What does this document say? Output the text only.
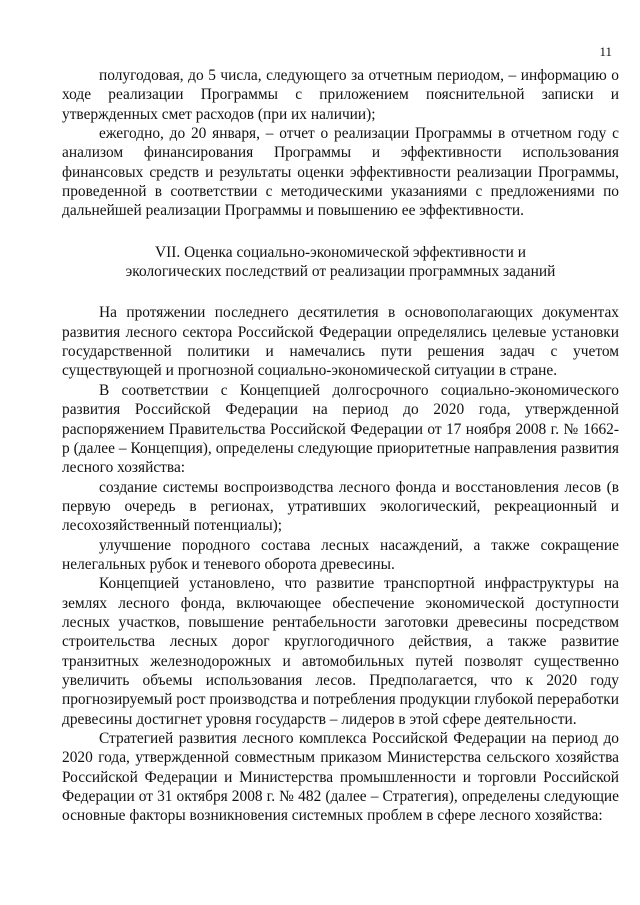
11

полугодовая, до 5 числа, следующего за отчетным периодом, – информацию о ходе реализации Программы с приложением пояснительной записки и утвержденных смет расходов (при их наличии);

ежегодно, до 20 января, – отчет о реализации Программы в отчетном году с анализом финансирования Программы и эффективности использования финансовых средств и результаты оценки эффективности реализации Программы, проведенной в соответствии с методическими указаниями с предложениями по дальнейшей реализации Программы и повышению ее эффективности.

VII. Оценка социально-экономической эффективности и
экологических последствий от реализации программных заданий

На протяжении последнего десятилетия в основополагающих документах развития лесного сектора Российской Федерации определялись целевые установки государственной политики и намечались пути решения задач с учетом существующей и прогнозной социально-экономической ситуации в стране.

В соответствии с Концепцией долгосрочного социально-экономического развития Российской Федерации на период до 2020 года, утвержденной распоряжением Правительства Российской Федерации от 17 ноября 2008 г. № 1662-р (далее – Концепция), определены следующие приоритетные направления развития лесного хозяйства:

создание системы воспроизводства лесного фонда и восстановления лесов (в первую очередь в регионах, утративших экологический, рекреационный и лесохозяйственный потенциалы);

улучшение породного состава лесных насаждений, а также сокращение нелегальных рубок и теневого оборота древесины.

Концепцией установлено, что развитие транспортной инфраструктуры на землях лесного фонда, включающее обеспечение экономической доступности лесных участков, повышение рентабельности заготовки древесины посредством строительства лесных дорог круглогодичного действия, а также развитие транзитных железнодорожных и автомобильных путей позволят существенно увеличить объемы использования лесов. Предполагается, что к 2020 году прогнозируемый рост производства и потребления продукции глубокой переработки древесины достигнет уровня государств – лидеров в этой сфере деятельности.

Стратегией развития лесного комплекса Российской Федерации на период до 2020 года, утвержденной совместным приказом Министерства сельского хозяйства Российской Федерации и Министерства промышленности и торговли Российской Федерации от 31 октября 2008 г. № 482 (далее – Стратегия), определены следующие основные факторы возникновения системных проблем в сфере лесного хозяйства:
